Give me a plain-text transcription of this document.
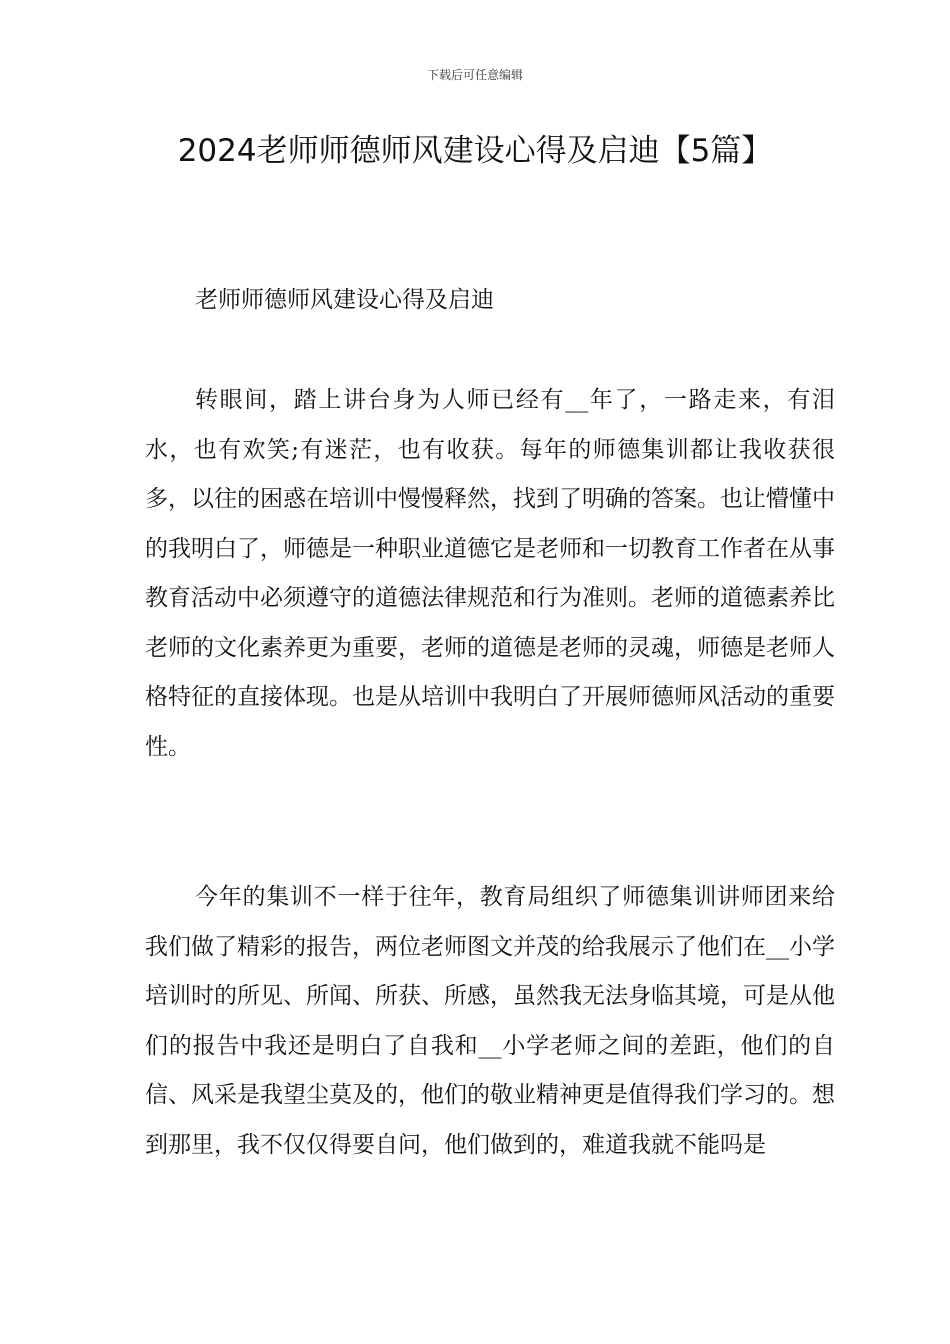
下载后可任意编辑
2024老师师德师风建设心得及启迪【5篇】

老师师德师风建设心得及启迪

转眼间，踏上讲台身为人师已经有__年了，一路走来，有泪水，也有欢笑;有迷茫，也有收获。每年的师德集训都让我收获很多，以往的困惑在培训中慢慢释然，找到了明确的答案。也让懵懂中的我明白了，师德是一种职业道德它是老师和一切教育工作者在从事教育活动中必须遵守的道德法律规范和行为准则。老师的道德素养比老师的文化素养更为重要，老师的道德是老师的灵魂，师德是老师人格特征的直接体现。也是从培训中我明白了开展师德师风活动的重要性。

今年的集训不一样于往年，教育局组织了师德集训讲师团来给我们做了精彩的报告，两位老师图文并茂的给我展示了他们在__小学培训时的所见、所闻、所获、所感，虽然我无法身临其境，可是从他们的报告中我还是明白了自我和__小学老师之间的差距，他们的自信、风采是我望尘莫及的，他们的敬业精神更是值得我们学习的。想到那里，我不仅仅得要自问，他们做到的，难道我就不能吗是
